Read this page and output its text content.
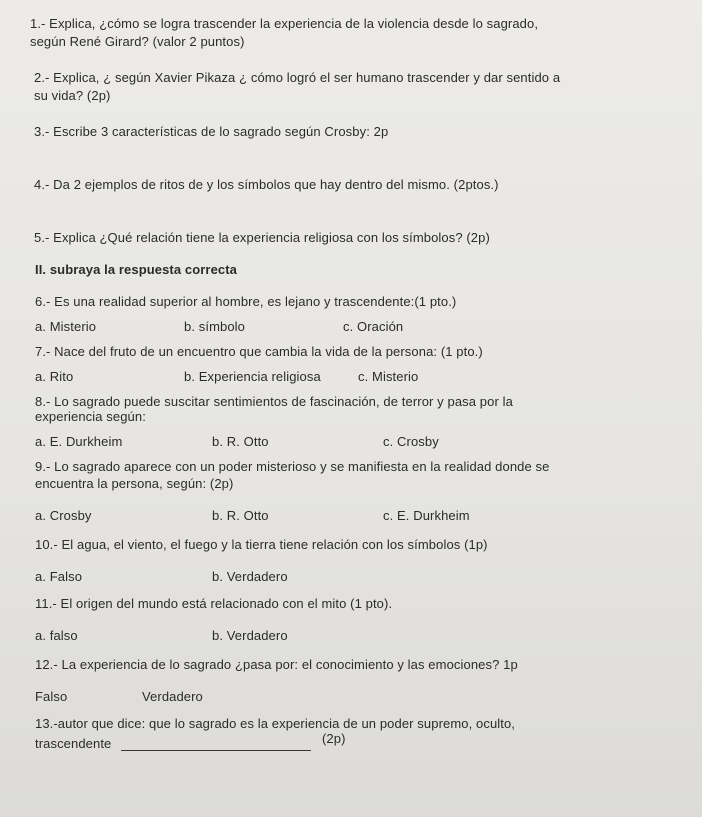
1.- Explica, ¿cómo se logra trascender la experiencia de la violencia desde lo sagrado,
según René Girard? (valor 2 puntos)
2.- Explica, ¿ según Xavier Pikaza ¿ cómo logró el ser humano trascender y dar sentido a
su vida? (2p)
3.- Escribe 3 características de lo sagrado según Crosby: 2p
4.- Da 2 ejemplos de ritos de y los símbolos que hay dentro del mismo. (2ptos.)
5.- Explica ¿Qué relación tiene la experiencia religiosa con los símbolos? (2p)
II. subraya la respuesta correcta
6.- Es una realidad superior al hombre, es lejano y trascendente:(1 pto.)
a. Misterio	b. símbolo	c. Oración
7.- Nace del fruto de un encuentro que cambia la vida de la persona: (1 pto.)
a. Rito	b. Experiencia religiosa	c. Misterio
8.- Lo sagrado puede suscitar sentimientos de fascinación, de terror y pasa por la
experiencia según:
a. E. Durkheim	b. R. Otto	c. Crosby
9.- Lo sagrado aparece con un poder misterioso y se manifiesta en la realidad donde se
encuentra la persona, según: (2p)
a. Crosby	b. R. Otto	c. E. Durkheim
10.- El agua, el viento, el fuego y la tierra tiene relación con los símbolos (1p)
a. Falso	b. Verdadero
11.- El origen del mundo está relacionado con el mito (1 pto).
a. falso	b. Verdadero
12.- La experiencia de lo sagrado ¿pasa por: el conocimiento y las emociones? 1p
Falso	Verdadero
13.-autor que dice: que lo sagrado es la experiencia de un poder supremo, oculto,
trascendente	(2p)
